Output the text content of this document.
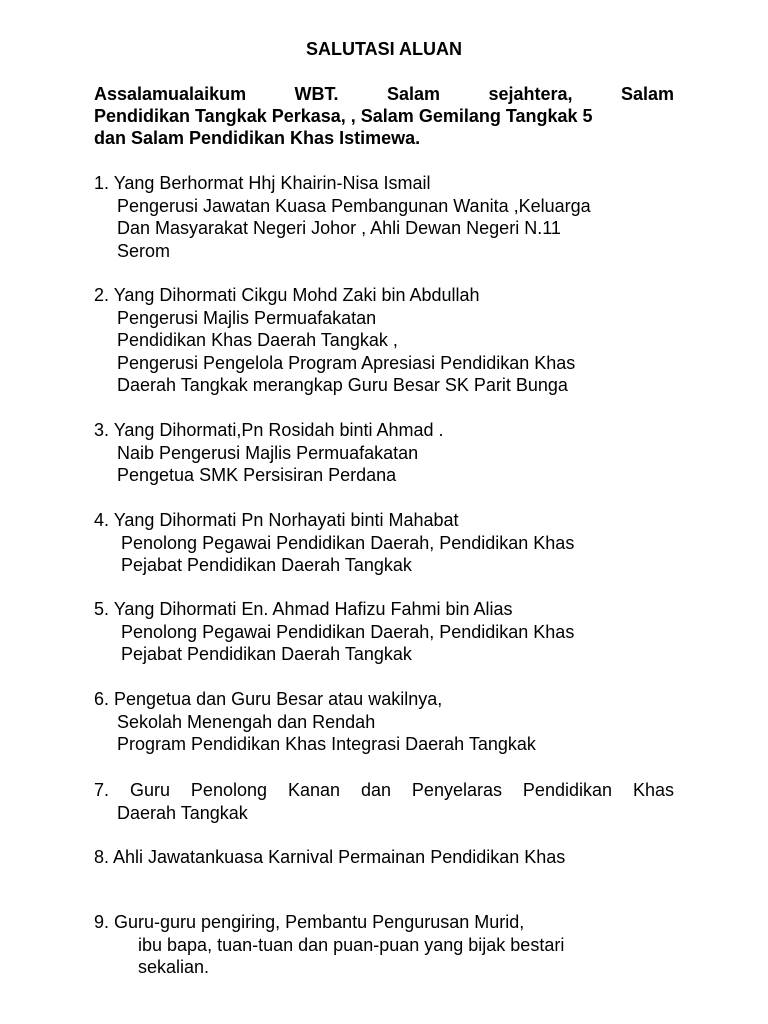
SALUTASI ALUAN
Assalamualaikum	WBT.	Salam	sejahtera,	Salam
Pendidikan Tangkak Perkasa, , Salam Gemilang Tangkak 5
dan Salam Pendidikan Khas Istimewa.
1. Yang Berhormat Hhj Khairin-Nisa Ismail
Pengerusi Jawatan Kuasa Pembangunan Wanita ,Keluarga
Dan Masyarakat Negeri Johor , Ahli Dewan Negeri N.11
Serom
2. Yang Dihormati Cikgu Mohd Zaki bin Abdullah
Pengerusi Majlis Permuafakatan
Pendidikan Khas Daerah Tangkak ,
Pengerusi Pengelola Program Apresiasi Pendidikan Khas
Daerah Tangkak merangkap Guru Besar SK Parit Bunga
3. Yang Dihormati,Pn Rosidah binti Ahmad .
Naib Pengerusi Majlis Permuafakatan
Pengetua SMK Persisiran Perdana
4. Yang Dihormati Pn Norhayati binti Mahabat
Penolong Pegawai Pendidikan Daerah, Pendidikan Khas
Pejabat Pendidikan Daerah Tangkak
5. Yang Dihormati En. Ahmad Hafizu Fahmi bin Alias
Penolong Pegawai Pendidikan Daerah, Pendidikan Khas
Pejabat Pendidikan Daerah Tangkak
6. Pengetua dan Guru Besar atau wakilnya,
Sekolah Menengah dan Rendah
Program Pendidikan Khas Integrasi Daerah Tangkak
7. Guru Penolong Kanan dan Penyelaras Pendidikan Khas
Daerah Tangkak
8. Ahli Jawatankuasa Karnival Permainan Pendidikan Khas
9. Guru-guru pengiring, Pembantu Pengurusan Murid,
ibu bapa, tuan-tuan dan puan-puan yang bijak bestari
sekalian.
